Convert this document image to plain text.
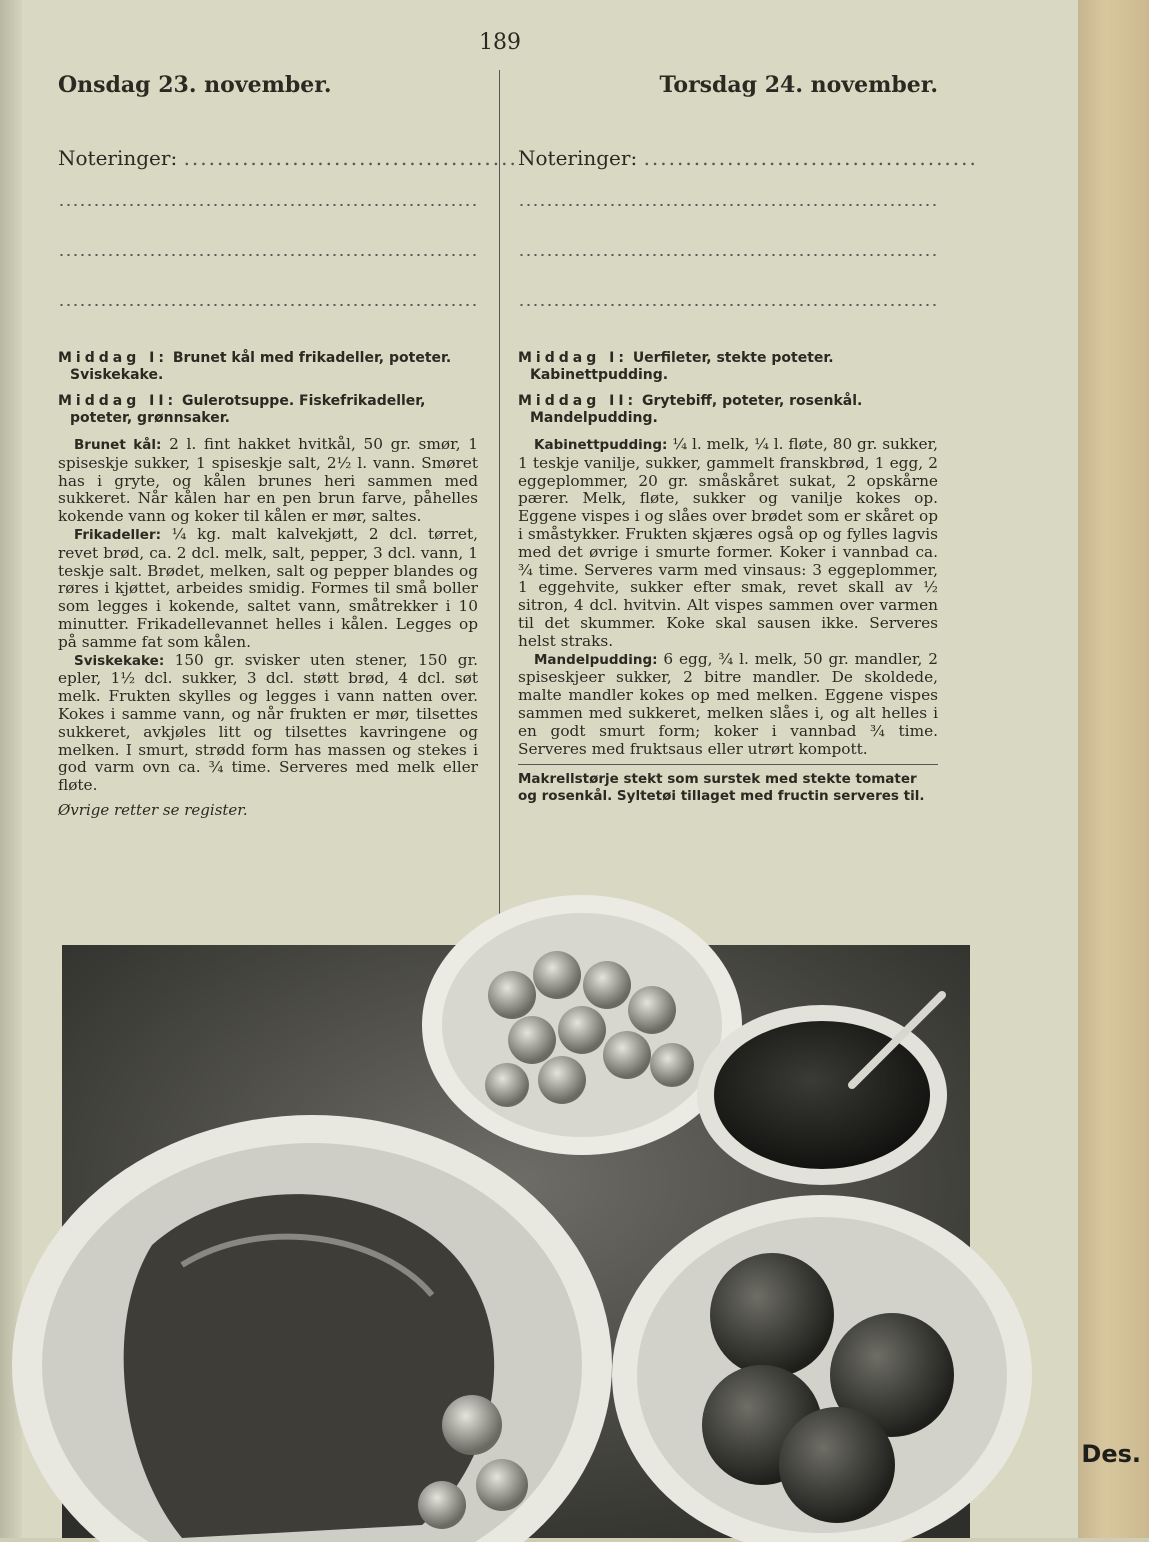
Des.
189
Onsdag 23. november.
Noteringer: ........................................

Middag I: Brunet kål med frikadeller, poteter. Sviskekake.

Middag II: Gulerotsuppe. Fiskefrikadeller, poteter, grønnsaker.

Brunet kål: 2 l. fint hakket hvitkål, 50 gr. smør, 1 spiseskje sukker, 1 spiseskje salt, 2½ l. vann. Smøret has i gryte, og kålen brunes heri sammen med sukkeret. Når kålen har en pen brun farve, påhelles kokende vann og koker til kålen er mør, saltes.

Frikadeller: ¼ kg. malt kalvekjøtt, 2 dcl. tørret, revet brød, ca. 2 dcl. melk, salt, pepper, 3 dcl. vann, 1 teskje salt. Brødet, melken, salt og pepper blandes og røres i kjøttet, arbeides smidig. Formes til små boller som legges i kokende, saltet vann, småtrekker i 10 minutter. Frikadellevannet helles i kålen. Legges op på samme fat som kålen.

Sviskekake: 150 gr. svisker uten stener, 150 gr. epler, 1½ dcl. sukker, 3 dcl. støtt brød, 4 dcl. søt melk. Frukten skylles og legges i vann natten over. Kokes i samme vann, og når frukten er mør, tilsettes sukkeret, avkjøles litt og tilsettes kavringene og melken. I smurt, strødd form has massen og stekes i god varm ovn ca. ¾ time. Serveres med melk eller fløte.

Øvrige retter se register.
Torsdag 24. november.
Noteringer: ........................................

Middag I: Uerfileter, stekte poteter. Kabinettpudding.

Middag II: Grytebiff, poteter, rosenkål. Mandelpudding.

Kabinettpudding: ¼ l. melk, ¼ l. fløte, 80 gr. sukker, 1 teskje vanilje, sukker, gammelt franskbrød, 1 egg, 2 eggeplommer, 20 gr. småskåret sukat, 2 opskårne pærer. Melk, fløte, sukker og vanilje kokes op. Eggene vispes i og slåes over brødet som er skåret op i småstykker. Frukten skjæres også op og fylles lagvis med det øvrige i smurte former. Koker i vannbad ca. ¾ time. Serveres varm med vinsaus: 3 eggeplommer, 1 eggehvite, sukker efter smak, revet skall av ½ sitron, 4 dcl. hvitvin. Alt vispes sammen over varmen til det skummer. Koke skal sausen ikke. Serveres helst straks.

Mandelpudding: 6 egg, ¾ l. melk, 50 gr. mandler, 2 spiseskjeer sukker, 2 bitre mandler. De skoldede, malte mandler kokes op med melken. Eggene vispes sammen med sukkeret, melken slåes i, og alt helles i en godt smurt form; koker i vannbad ¾ time. Serveres med fruktsaus eller utrørt kompott.

Makrellstørje stekt som surstek med stekte tomater og rosenkål. Syltetøi tillaget med fructin serveres til.
